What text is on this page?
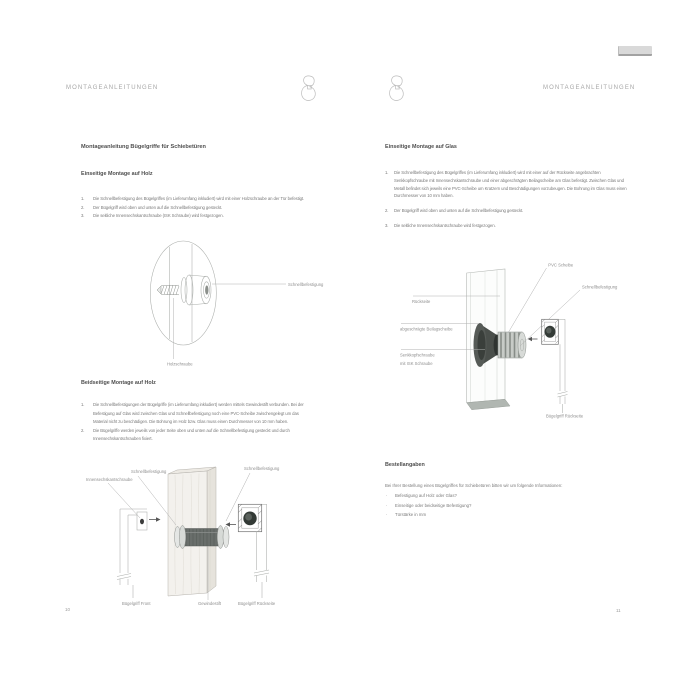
MONTAGEANLEITUNGEN	MONTAGEANLEITUNGEN
Montageanleitung Bügelgriffe für Schiebetüren
Einseitige Montage auf Holz
1.	Die Schnellbefestigung des Bügelgriffes (im Lieferumfang inkludiert) wird mit einer Holzschraube an der Tür befestigt.
2.	Der Bügelgriff wird oben und unten auf die Schnellbefestigung gesteckt.
3.	Die seitliche Innensechskantschraube (ISK Schraube) wird festgezogen.
Schnellbefestigung
Holzschraube
Beidseitige Montage auf Holz
1.	Die Schnellbefestigungen der Bügelgriffe (im Lieferumfang inkludiert) werden mittels Gewindestift verbunden. Bei der Befestigung auf Glas wird zwischen Glas und Schnellbefestigung noch eine PVC-Scheibe zwischengelegt um das Material nicht zu beschädigen. Die Bohrung im Holz bzw. Glas muss einen Durchmesser von 10 mm haben.
2.	Die Bügelgriffe werden jeweils von jeder Seite oben und unten auf die Schnellbefestigung gesteckt und durch Innensechskantschrauben fixiert.
Innensechskantschraube
Schnellbefestigung
Schnellbefestigung
Bügelgriff Front	Gewindestift	Bügelgriff Rückseite
10
Einseitige Montage auf Glas
1.	Die Schnellbefestigung des Bügelgriffes (im Lieferumfang inkludiert) wird mit einer auf der Rückseite angebrachten Senkkopfschraube mit Innensechskantschraube und einer abgeschrägten Beilagscheibe am Glas befestigt. Zwischen Glas und Metall befindet sich jeweils eine PVC-Scheibe um Kratzern und Beschädigungen vorzubeugen. Die Bohrung im Glas muss einen Durchmesser von 10 mm haben.
2.	Der Bügelgriff wird oben und unten auf die Schnellbefestigung gesteckt.
3.	Die seitliche Innensechskantschraube wird festgezogen.
Rückseite
abgeschrägte Beilagscheibe
Senkkopfschraube
mit ISK Schraube
PVC Scheibe
Schnellbefestigung
Bügelgriff Rückseite
Bestellangaben
Bei Ihrer Bestellung eines Bügelgriffes für Schiebetüren bitten wir um folgende Informationen:
·	Befestigung auf Holz oder Glas?
·	Einseitige oder beidseitige Befestigung?
·	Türstärke in mm
11
